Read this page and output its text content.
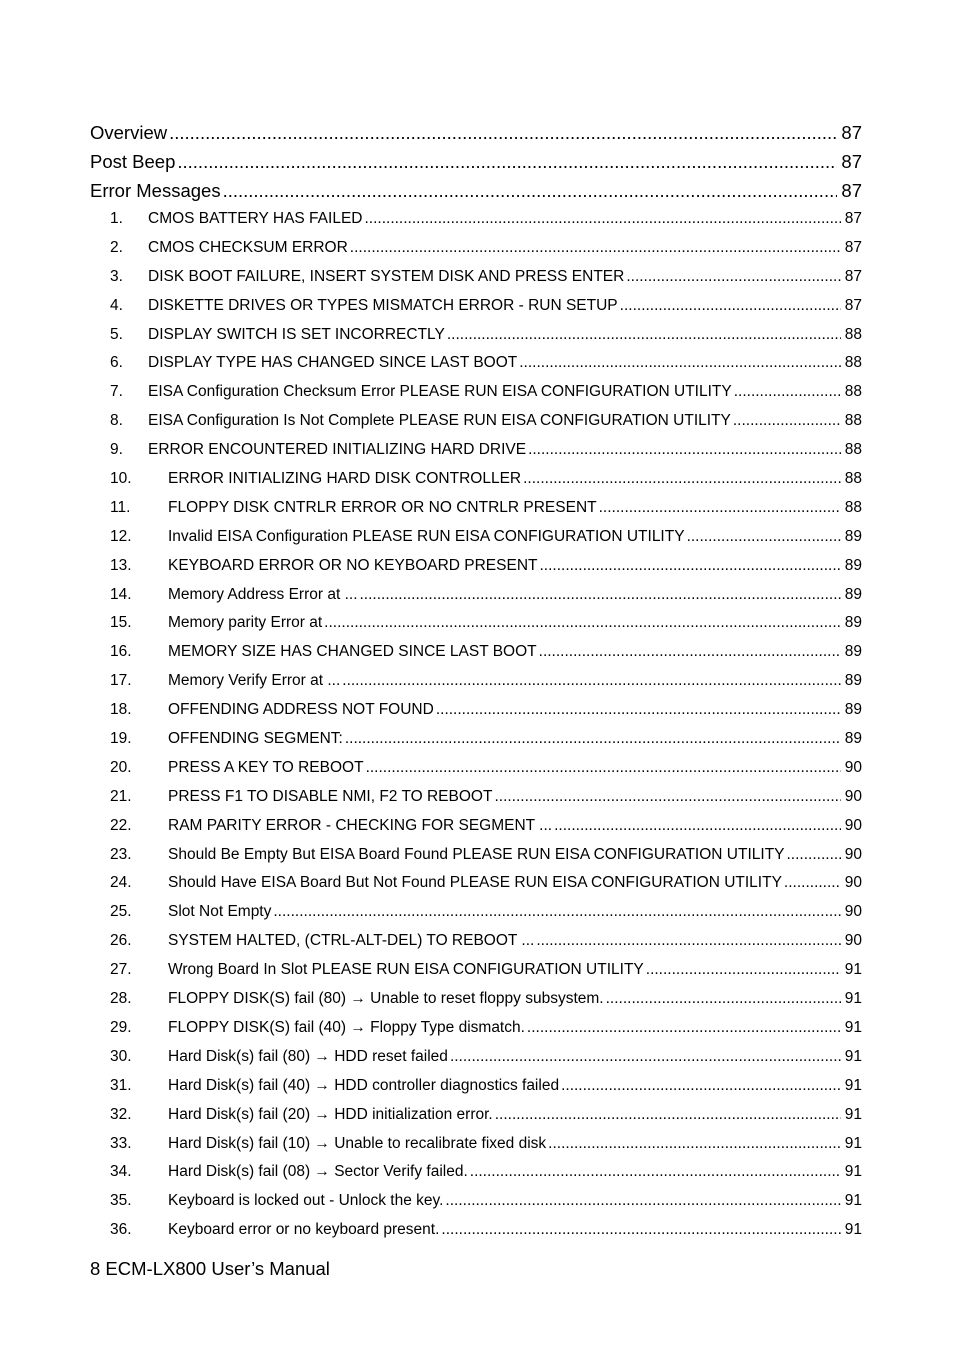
Overview .....	87
Post Beep .....	87
Error Messages .....	87
1.	CMOS BATTERY HAS FAILED .....	87
2.	CMOS CHECKSUM ERROR .....	87
3.	DISK BOOT FAILURE, INSERT SYSTEM DISK AND PRESS ENTER .....	87
4.	DISKETTE DRIVES OR TYPES MISMATCH ERROR - RUN SETUP .....	87
5.	DISPLAY SWITCH IS SET INCORRECTLY .....	88
6.	DISPLAY TYPE HAS CHANGED SINCE LAST BOOT .....	88
7.	EISA Configuration Checksum Error PLEASE RUN EISA CONFIGURATION UTILITY .....	88
8.	EISA Configuration Is Not Complete PLEASE RUN EISA CONFIGURATION UTILITY .....	88
9.	ERROR ENCOUNTERED INITIALIZING HARD DRIVE .....	88
10. ERROR INITIALIZING HARD DISK CONTROLLER .....	88
11. FLOPPY DISK CNTRLR ERROR OR NO CNTRLR PRESENT .....	88
12. Invalid EISA Configuration PLEASE RUN EISA CONFIGURATION UTILITY .....	89
13. KEYBOARD ERROR OR NO KEYBOARD PRESENT .....	89
14. Memory Address Error at ... .....	89
15. Memory parity Error at .....	89
16. MEMORY SIZE HAS CHANGED SINCE LAST BOOT .....	89
17. Memory Verify Error at ... .....	89
18. OFFENDING ADDRESS NOT FOUND .....	89
19. OFFENDING SEGMENT: .....	89
20. PRESS A KEY TO REBOOT .....	90
21. PRESS F1 TO DISABLE NMI, F2 TO REBOOT .....	90
22. RAM PARITY ERROR - CHECKING FOR SEGMENT ... .....	90
23. Should Be Empty But EISA Board Found PLEASE RUN EISA CONFIGURATION UTILITY .....	90
24. Should Have EISA Board But Not Found PLEASE RUN EISA CONFIGURATION UTILITY .....	90
25. Slot Not Empty .....	90
26. SYSTEM HALTED, (CTRL-ALT-DEL) TO REBOOT ... .....	90
27. Wrong Board In Slot PLEASE RUN EISA CONFIGURATION UTILITY .....	91
28. FLOPPY DISK(S) fail (80) → Unable to reset floppy subsystem. .....	91
29. FLOPPY DISK(S) fail (40) → Floppy Type dismatch. .....	91
30. Hard Disk(s) fail (80) → HDD reset failed .....	91
31. Hard Disk(s) fail (40) → HDD controller diagnostics failed .....	91
32. Hard Disk(s) fail (20) → HDD initialization error. .....	91
33. Hard Disk(s) fail (10) → Unable to recalibrate fixed disk .....	91
34. Hard Disk(s) fail (08) → Sector Verify failed. .....	91
35. Keyboard is locked out - Unlock the key. .....	91
36. Keyboard error or no keyboard present. .....	91
8 ECM-LX800 User’s Manual
